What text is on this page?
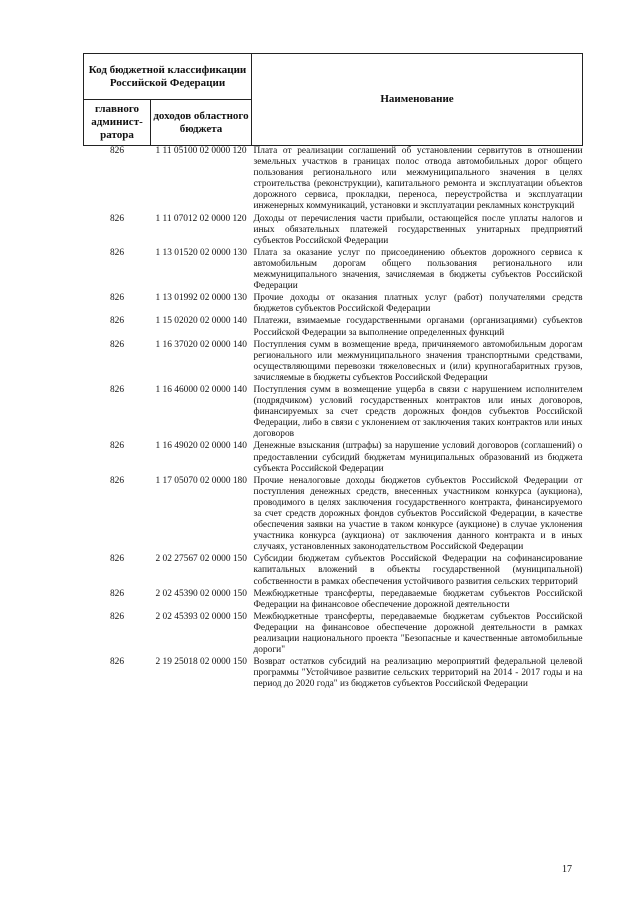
Код бюджетной классификации Российской Федерации		Наименование
главного админист-ратора	доходов областного бюджета	
826	1 11 05100 02 0000 120	Плата от реализации соглашений об установлении сервитутов в отношении земельных участков в границах полос отвода автомобильных дорог общего пользования регионального или межмуниципального значения в целях строительства (реконструкции), капитального ремонта и эксплуатации объектов дорожного сервиса, прокладки, переноса, переустройства и эксплуатации инженерных коммуникаций, установки и эксплуатации рекламных конструкций
826	1 11 07012 02 0000 120	Доходы от перечисления части прибыли, остающейся после уплаты налогов и иных обязательных платежей государственных унитарных предприятий субъектов Российской Федерации
826	1 13 01520 02 0000 130	Плата за оказание услуг по присоединению объектов дорожного сервиса к автомобильным дорогам общего пользования регионального или межмуниципального значения, зачисляемая в бюджеты субъектов Российской Федерации
826	1 13 01992 02 0000 130	Прочие доходы от оказания платных услуг (работ) получателями средств бюджетов субъектов Российской Федерации
826	1 15 02020 02 0000 140	Платежи, взимаемые государственными органами (организациями) субъектов Российской Федерации за выполнение определенных функций
826	1 16 37020 02 0000 140	Поступления сумм в возмещение вреда, причиняемого автомобильным дорогам регионального или межмуниципального значения транспортными средствами, осуществляющими перевозки тяжеловесных и (или) крупногабаритных грузов, зачисляемые в бюджеты субъектов Российской Федерации
826	1 16 46000 02 0000 140	Поступления сумм в возмещение ущерба в связи с нарушением исполнителем (подрядчиком) условий государственных контрактов или иных договоров, финансируемых за счет средств дорожных фондов субъектов Российской Федерации, либо в связи с уклонением от заключения таких контрактов или иных договоров
826	1 16 49020 02 0000 140	Денежные взыскания (штрафы) за нарушение условий договоров (соглашений) о предоставлении субсидий бюджетам муниципальных образований из бюджета субъекта Российской Федерации
826	1 17 05070 02 0000 180	Прочие неналоговые доходы бюджетов субъектов Российской Федерации от поступления денежных средств, внесенных участником конкурса (аукциона), проводимого в целях заключения государственного контракта, финансируемого за счет средств дорожных фондов субъектов Российской Федерации, в качестве обеспечения заявки на участие в таком конкурсе (аукционе) в случае уклонения участника конкурса (аукциона) от заключения данного контракта и в иных случаях, установленных законодательством Российской Федерации
826	2 02 27567 02 0000 150	Субсидии бюджетам субъектов Российской Федерации на софинансирование капитальных вложений в объекты государственной (муниципальной) собственности в рамках обеспечения устойчивого развития сельских территорий
826	2 02 45390 02 0000 150	Межбюджетные трансферты, передаваемые бюджетам субъектов Российской Федерации на финансовое обеспечение дорожной деятельности
826	2 02 45393 02 0000 150	Межбюджетные трансферты, передаваемые бюджетам субъектов Российской Федерации на финансовое обеспечение дорожной деятельности в рамках реализации национального проекта "Безопасные и качественные автомобильные дороги"
826	2 19 25018 02 0000 150	Возврат остатков субсидий на реализацию мероприятий федеральной целевой программы "Устойчивое развитие сельских территорий на 2014 - 2017 годы и на период до 2020 года" из бюджетов субъектов Российской Федерации
17
